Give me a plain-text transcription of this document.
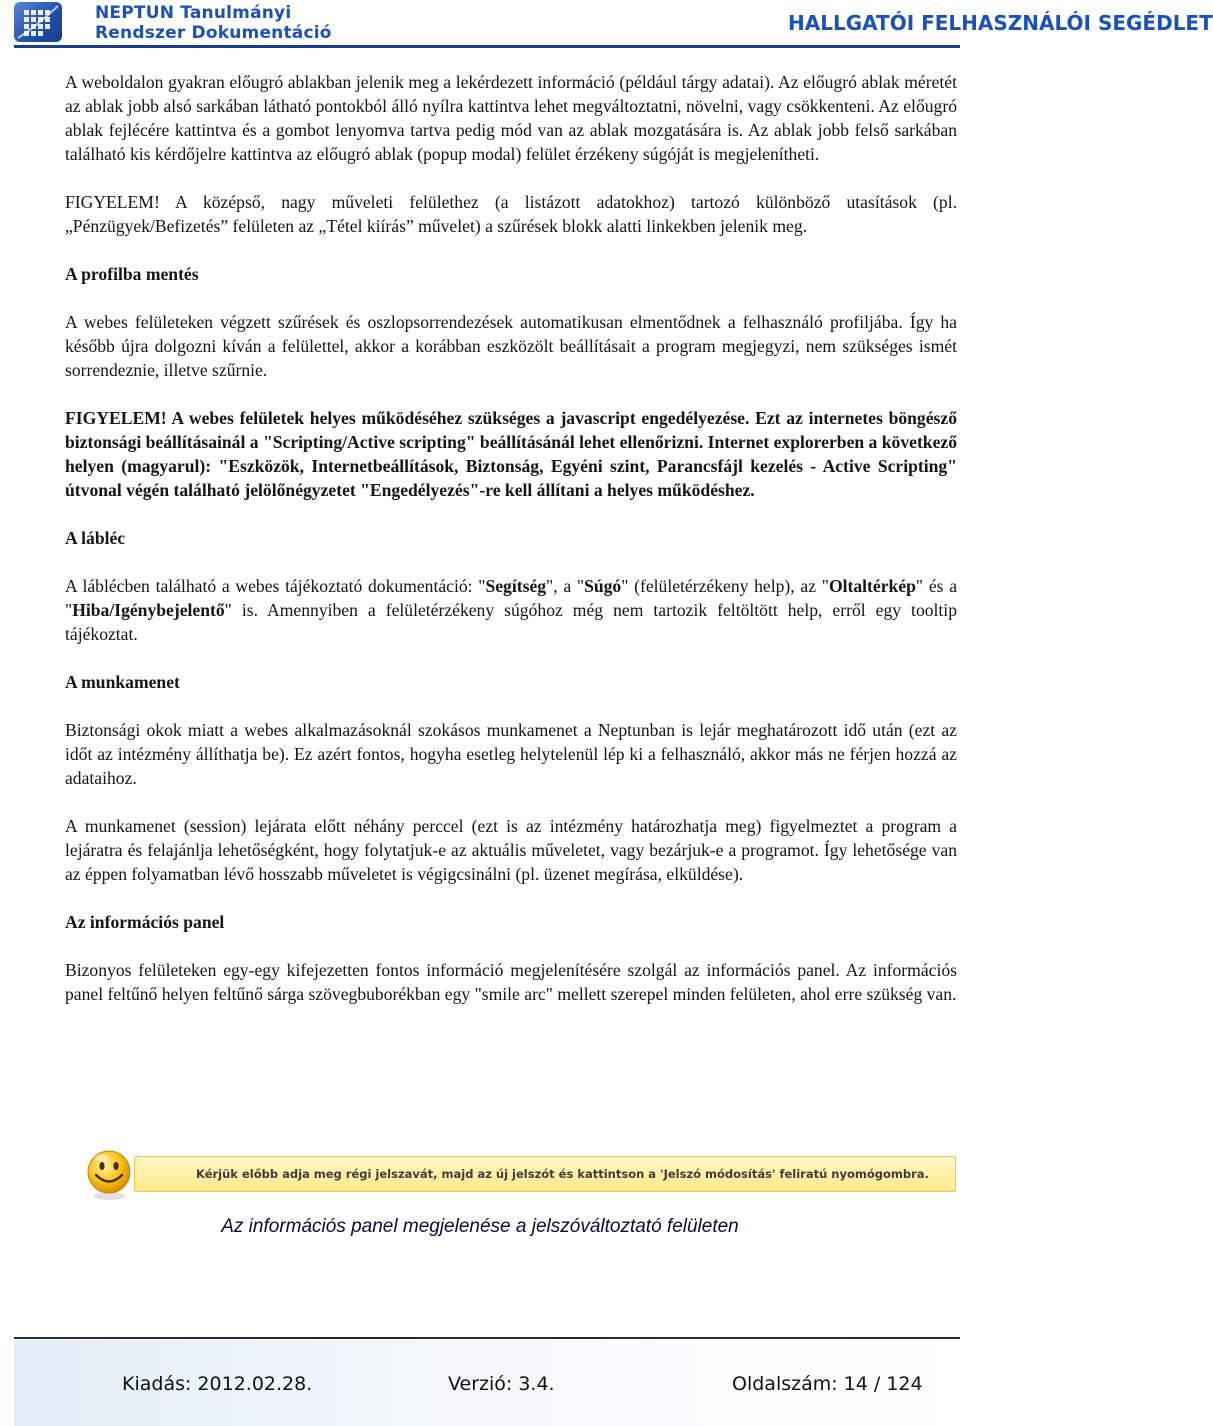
NEPTUN Tanulmányi
Rendszer Dokumentáció	HALLGATÓI FELHASZNÁLÓI SEGÉDLET

A weboldalon gyakran előugró ablakban jelenik meg a lekérdezett információ (például tárgy adatai). Az előugró ablak méretét az ablak jobb alsó sarkában látható pontokból álló nyílra kattintva lehet megváltoztatni, növelni, vagy csökkenteni. Az előugró ablak fejlécére kattintva és a gombot lenyomva tartva pedig mód van az ablak mozgatására is. Az ablak jobb felső sarkában található kis kérdőjelre kattintva az előugró ablak (popup modal) felület érzékeny súgóját is megjelenítheti.

FIGYELEM! A középső, nagy műveleti felülethez (a listázott adatokhoz) tartozó különböző utasítások (pl. „Pénzügyek/Befizetés” felületen az „Tétel kiírás” művelet) a szűrések blokk alatti linkekben jelenik meg.

A profilba mentés

A webes felületeken végzett szűrések és oszlopsorrendezések automatikusan elmentődnek a felhasználó profiljába. Így ha később újra dolgozni kíván a felülettel, akkor a korábban eszközölt beállításait a program megjegyzi, nem szükséges ismét sorrendeznie, illetve szűrnie.

FIGYELEM! A webes felületek helyes működéséhez szükséges a javascript engedélyezése. Ezt az internetes böngésző biztonsági beállításainál a "Scripting/Active scripting" beállításánál lehet ellenőrizni. Internet explorerben a következő helyen (magyarul): "Eszközök, Internetbeállítások, Biztonság, Egyéni szint, Parancsfájl kezelés - Active Scripting" útvonal végén található jelölőnégyzetet "Engedélyezés"-re kell állítani a helyes működéshez.

A lábléc

A láblécben található a webes tájékoztató dokumentáció: "Segítség", a "Súgó" (felületérzékeny help), az "Oltaltérkép" és a "Hiba/Igénybejelentő" is. Amennyiben a felületérzékeny súgóhoz még nem tartozik feltöltött help, erről egy tooltip tájékoztat.

A munkamenet

Biztonsági okok miatt a webes alkalmazásoknál szokásos munkamenet a Neptunban is lejár meghatározott idő után (ezt az időt az intézmény állíthatja be). Ez azért fontos, hogyha esetleg helytelenül lép ki a felhasználó, akkor más ne férjen hozzá az adataihoz.

A munkamenet (session) lejárata előtt néhány perccel (ezt is az intézmény határozhatja meg) figyelmeztet a program a lejáratra és felajánlja lehetőségként, hogy folytatjuk-e az aktuális műveletet, vagy bezárjuk-e a programot. Így lehetősége van az éppen folyamatban lévő hosszabb műveletet is végigcsinálni (pl. üzenet megírása, elküldése).

Az információs panel

Bizonyos felületeken egy-egy kifejezetten fontos információ megjelenítésére szolgál az információs panel. Az információs panel feltűnő helyen feltűnő sárga szövegbuborékban egy "smile arc" mellett szerepel minden felületen, ahol erre szükség van.

Kérjük előbb adja meg régi jelszavát, majd az új jelszót és kattintson a 'Jelszó módosítás' feliratú nyomógombra.
Az információs panel megjelenése a jelszóváltoztató felületen
Kiadás: 2012.02.28.	Verzió: 3.4.	Oldalszám: 14 / 124
